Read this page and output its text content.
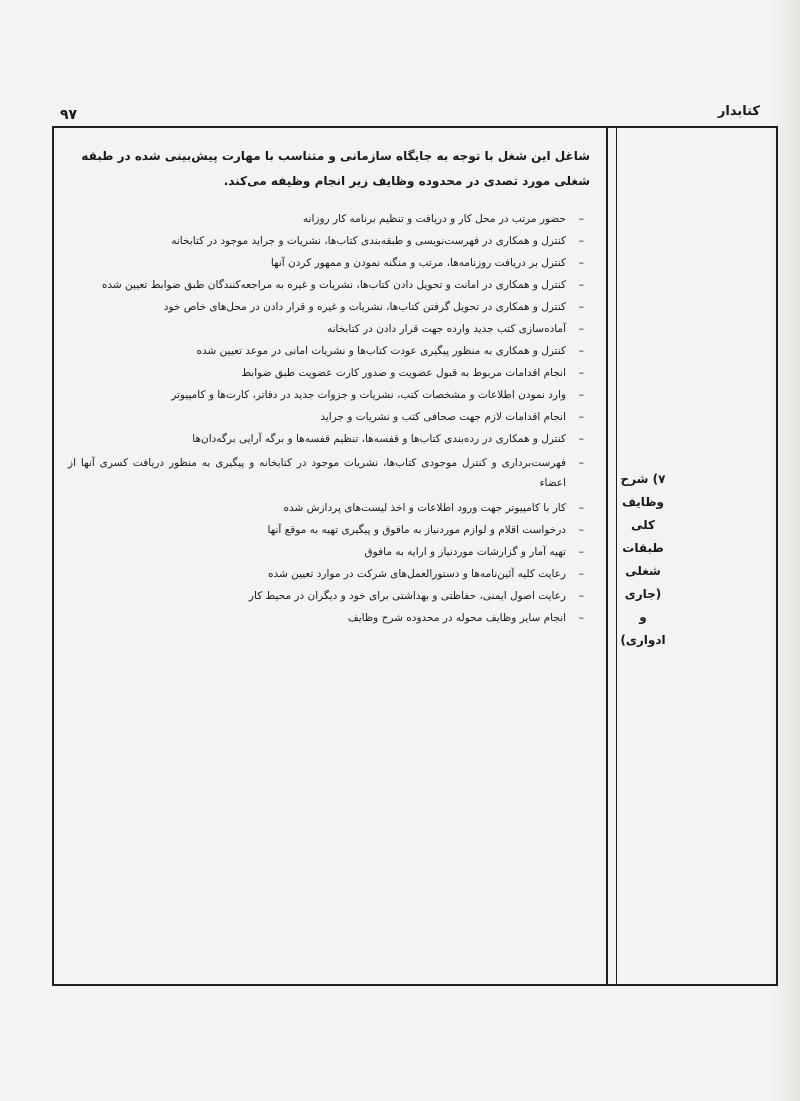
کتابدار
۹۷
۷) شرح
وظایف
کلی
طبقات
شغلی
(جاری و
ادواری)

شاغل این شغل با توجه به جایگاه سازمانی و متناسب با مهارت پیش‌بینی شده در طبقه شغلی مورد تصدی در محدوده وظایف زیر انجام وظیفه می‌کند.

–
حضور مرتب در محل کار و دریافت و تنظیم برنامه کار روزانه
–
کنترل و همکاری در فهرست‌نویسی و طبقه‌بندی کتاب‌ها، نشریات و جراید موجود در کتابخانه
–
کنترل بر دریافت روزنامه‌ها، مرتب و منگنه نمودن و ممهور کردن آنها
–
کنترل و همکاری در امانت و تحویل دادن کتاب‌ها، نشریات و غیره به مراجعه‌کنندگان طبق ضوابط تعیین شده
–
کنترل و همکاری در تحویل گرفتن کتاب‌ها، نشریات و غیره و قرار دادن در محل‌های خاص خود
–
آماده‌سازی کتب جدید وارده جهت قرار دادن در کتابخانه
–
کنترل و همکاری به منظور پیگیری عودت کتاب‌ها و نشریات امانی در موعد تعیین شده
–
انجام اقدامات مربوط به قبول عضویت و صدور کارت عضویت طبق ضوابط
–
وارد نمودن اطلاعات و مشخصات کتب، نشریات و جزوات جدید در دفاتر، کارت‌ها و کامپیوتر
–
انجام اقدامات لازم جهت صحافی کتب و نشریات و جراید
–
کنترل و همکاری در رده‌بندی کتاب‌ها و قفسه‌ها، تنظیم قفسه‌ها و برگه آرایی برگه‌دان‌ها
–
فهرست‌برداری و کنترل موجودی کتاب‌ها، نشریات موجود در کتابخانه و پیگیری به منظور دریافت کسری آنها از اعضاء
–
کار با کامپیوتر جهت ورود اطلاعات و اخذ لیست‌های پردازش شده
–
درخواست اقلام و لوازم موردنیاز به مافوق و پیگیری تهیه به موقع آنها
–
تهیه آمار و گزارشات موردنیاز و ارایه به مافوق
–
رعایت کلیه آئین‌نامه‌ها و دستورالعمل‌های شرکت در موارد تعیین شده
–
رعایت اصول ایمنی، حفاظتی و بهداشتی برای خود و دیگران در محیط کار
–
انجام سایر وظایف محوله در محدوده شرح وظایف
